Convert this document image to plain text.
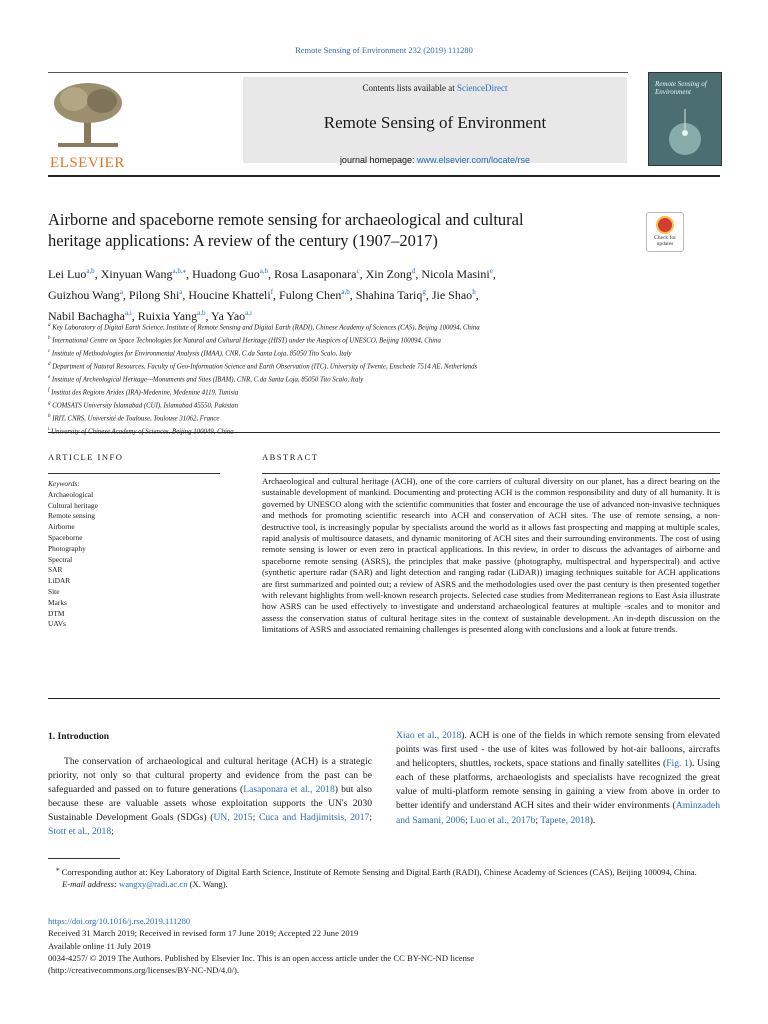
Remote Sensing of Environment 232 (2019) 111280
ELSEVIER
Contents lists available at ScienceDirect
Remote Sensing of Environment
journal homepage: www.elsevier.com/locate/rse
Remote Sensing of Environment
Airborne and spaceborne remote sensing for archaeological and cultural
heritage applications: A review of the century (1907–2017)	Check for
updates
Lei Luo$^{a,b}$, Xinyuan Wang$^{a,b,⁎}$, Huadong Guo$^{a,b}$, Rosa Lasaponara$^c$, Xin Zong$^d$, Nicola Masini$^e$,
Guizhou Wang$^a$, Pilong Shi$^a$, Houcine Khatteli$^f$, Fulong Chen$^{a,b}$, Shahina Tariq$^g$, Jie Shao$^h$,
Nabil Bachagha$^{a,i}$, Ruixia Yang$^{a,b}$, Ya Yao$^{a,i}$
$^a$ Key Laboratory of Digital Earth Science, Institute of Remote Sensing and Digital Earth (RADI), Chinese Academy of Sciences (CAS), Beijing 100094, China
$^b$ International Centre on Space Technologies for Natural and Cultural Heritage (HIST) under the Auspices of UNESCO, Beijing 100094, China
$^c$ Institute of Methodologies for Environmental Analysis (IMAA), CNR, C.da Santa Loja, 85050 Tito Scalo, Italy
$^d$ Department of Natural Resources, Faculty of Geo-Information Science and Earth Observation (ITC), University of Twente, Enschede 7514 AE, Netherlands
$^e$ Institute of Archeological Heritage—Monuments and Sites (IBAM), CNR, C.da Santa Loja, 85050 Tito Scalo, Italy
$^f$ Institut des Regions Arides (IRA)-Medenine, Medenine 4119, Tunisia
$^g$ COMSATS University Islamabad (CUI), Islamabad 45550, Pakistan
$^h$ IRIT, CNRS, Université de Toulouse, Toulouse 31062, France
$^i$ University of Chinese Academy of Sciences, Beijing 100049, China
ARTICLE INFO	ABSTRACT
Keywords:
Archaeological
Cultural heritage
Remote sensing
Airborne
Spaceborne
Photography
Spectral
SAR
LiDAR
Site
Marks
DTM
UAVs
Archaeological and cultural heritage (ACH), one of the core carriers of cultural diversity on our planet, has a direct bearing on the sustainable development of mankind. Documenting and protecting ACH is the common responsibility and duty of all humanity. It is governed by UNESCO along with the scientific communities that foster and encourage the use of advanced non-invasive techniques and methods for promoting scientific research into ACH and conservation of ACH sites. The use of remote sensing, a non-destructive tool, is increasingly popular by specialists around the world as it allows fast prospecting and mapping at multiple scales, rapid analysis of multisource datasets, and dynamic monitoring of ACH sites and their surrounding environments. The cost of using remote sensing is lower or even zero in practical applications. In this review, in order to discuss the advantages of airborne and spaceborne remote sensing (ASRS), the principles that make passive (photography, multispectral and hyperspectral) and active (synthetic aperture radar (SAR) and light detection and ranging radar (LiDAR)) imaging techniques suitable for ACH applications are first summarized and pointed out; a review of ASRS and the methodologies used over the past century is then presented together with relevant highlights from well-known research projects. Selected case studies from Mediterranean regions to East Asia illustrate how ASRS can be used effectively to investigate and understand archaeological features at multiple -scales and to monitor and assess the conservation status of cultural heritage sites in the context of sustainable development. An in-depth discussion on the limitations of ASRS and associated remaining challenges is presented along with conclusions and a look at future trends.
1. Introduction
The conservation of archaeological and cultural heritage (ACH) is a strategic priority, not only so that cultural property and evidence from the past can be safeguarded and passed on to future generations (Lasaponara et al., 2018) but also because these are valuable assets whose exploitation supports the UN's 2030 Sustainable Development Goals (SDGs) (UN, 2015; Cuca and Hadjimitsis, 2017; Stott et al., 2018;
Xiao et al., 2018). ACH is one of the fields in which remote sensing from elevated points was first used - the use of kites was followed by hot-air balloons, aircrafts and helicopters, shuttles, rockets, space stations and finally satellites (Fig. 1). Using each of these platforms, archaeologists and specialists have recognized the great value of multi-platform remote sensing in gaining a view from above in order to better identify and understand ACH sites and their wider environments (Aminzadeh and Samani, 2006; Luo et al., 2017b; Tapete, 2018).
⁎ Corresponding author at: Key Laboratory of Digital Earth Science, Institute of Remote Sensing and Digital Earth (RADI), Chinese Academy of Sciences (CAS), Beijing 100094, China.
E-mail address: wangxy@radi.ac.cn (X. Wang).
https://doi.org/10.1016/j.rse.2019.111280
Received 31 March 2019; Received in revised form 17 June 2019; Accepted 22 June 2019
Available online 11 July 2019
0034-4257/ © 2019 The Authors. Published by Elsevier Inc. This is an open access article under the CC BY-NC-ND license
(http://creativecommons.org/licenses/BY-NC-ND/4.0/).
